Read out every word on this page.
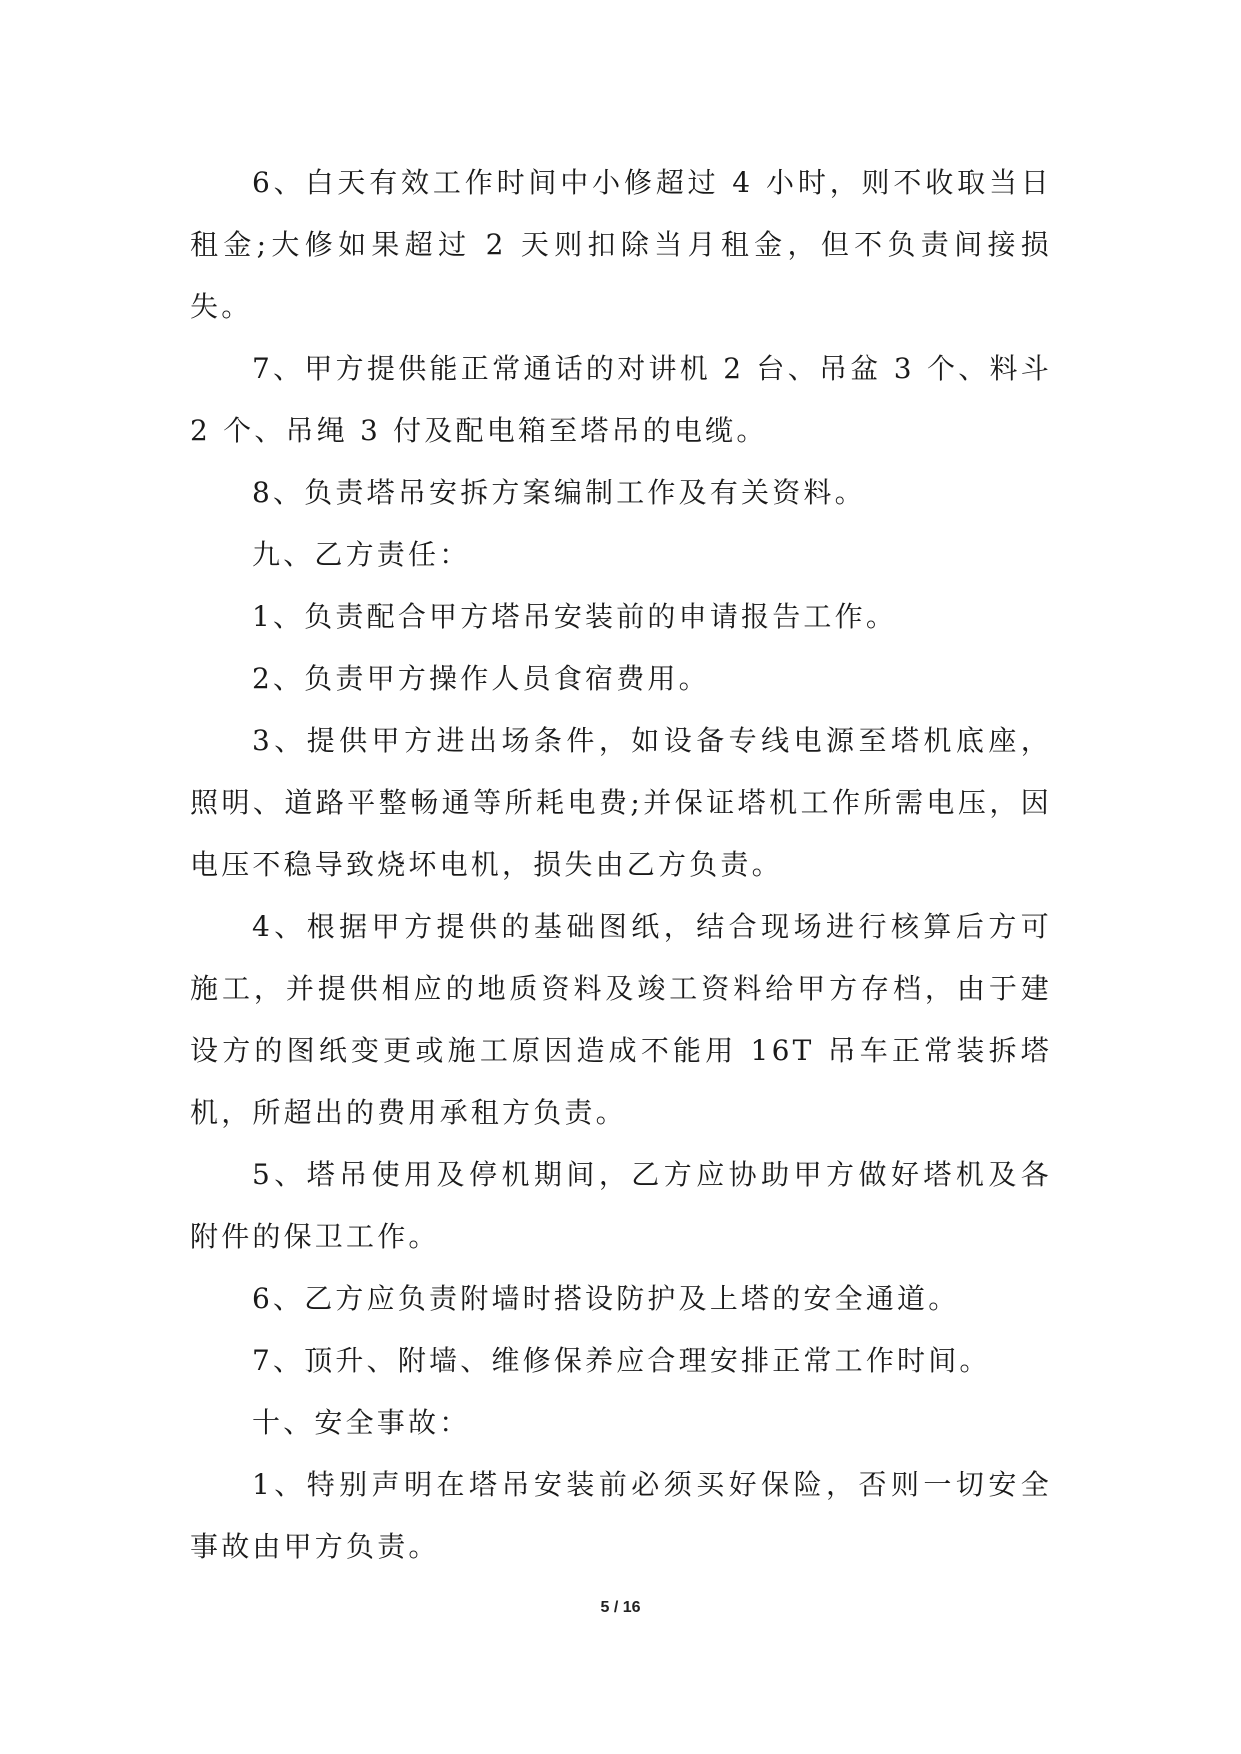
6、白天有效工作时间中小修超过 4 小时，则不收取当日租金;大修如果超过 2 天则扣除当月租金，但不负责间接损失。

7、甲方提供能正常通话的对讲机 2 台、吊盆 3 个、料斗 2 个、吊绳 3 付及配电箱至塔吊的电缆。

8、负责塔吊安拆方案编制工作及有关资料。

九、乙方责任：

1、负责配合甲方塔吊安装前的申请报告工作。

2、负责甲方操作人员食宿费用。

3、提供甲方进出场条件，如设备专线电源至塔机底座，照明、道路平整畅通等所耗电费;并保证塔机工作所需电压，因电压不稳导致烧坏电机，损失由乙方负责。

4、根据甲方提供的基础图纸，结合现场进行核算后方可施工，并提供相应的地质资料及竣工资料给甲方存档，由于建设方的图纸变更或施工原因造成不能用 16T 吊车正常装拆塔机，所超出的费用承租方负责。

5、塔吊使用及停机期间，乙方应协助甲方做好塔机及各附件的保卫工作。

6、乙方应负责附墙时搭设防护及上塔的安全通道。

7、顶升、附墙、维修保养应合理安排正常工作时间。

十、安全事故：

1、特别声明在塔吊安装前必须买好保险，否则一切安全事故由甲方负责。

5 / 16
